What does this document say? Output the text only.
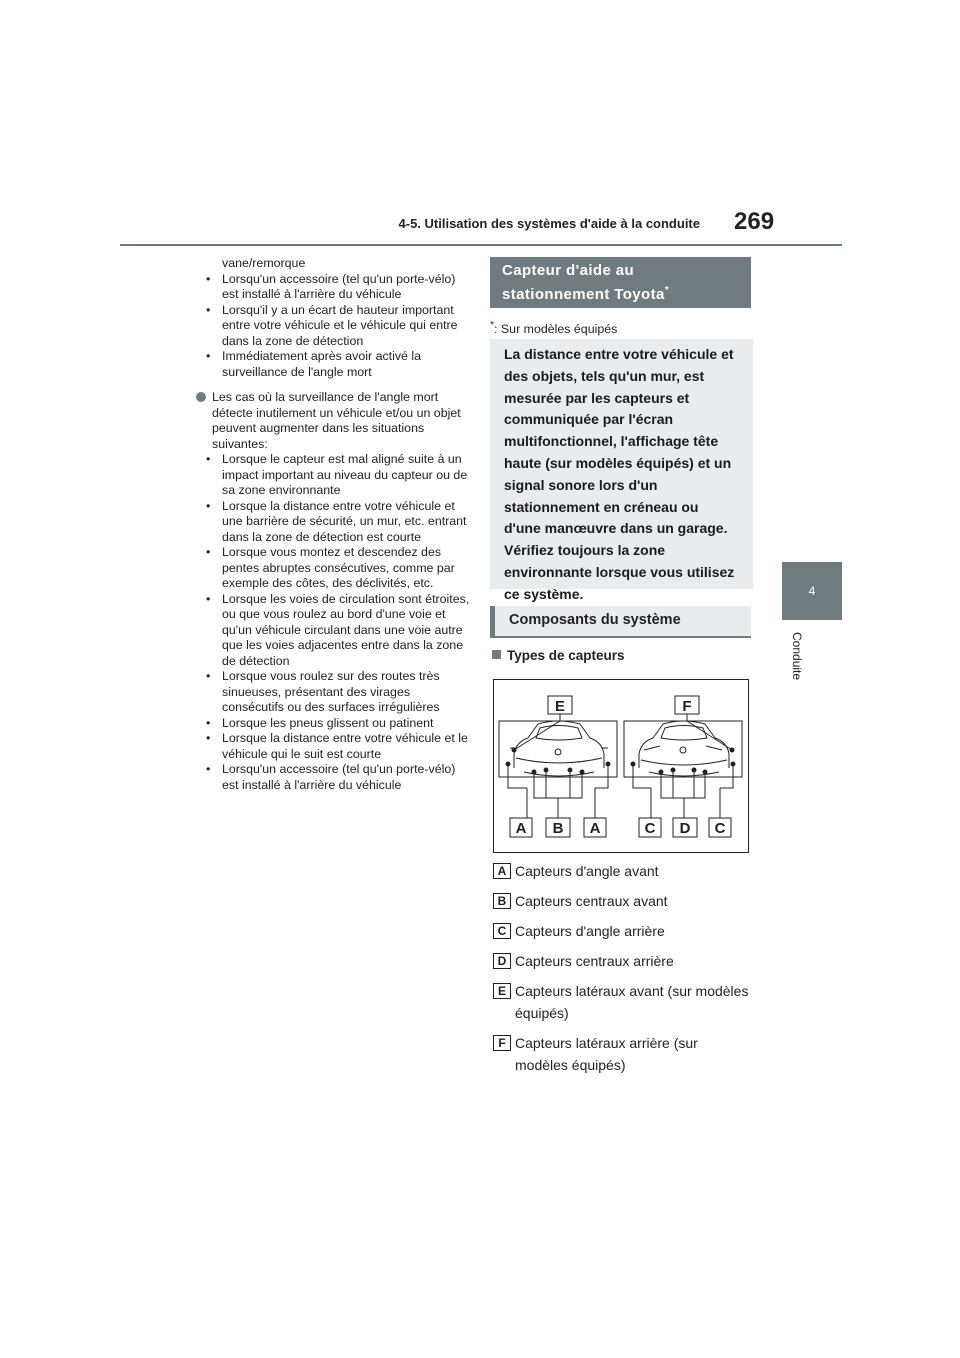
4-5. Utilisation des systèmes d'aide à la conduite 269
4
Conduite
vane/remorque
• Lorsqu'un accessoire (tel qu'un porte-vélo) est installé à l'arrière du véhicule
• Lorsqu'il y a un écart de hauteur important entre votre véhicule et le véhicule qui entre dans la zone de détection
• Immédiatement après avoir activé la surveillance de l'angle mort
Les cas où la surveillance de l'angle mort détecte inutilement un véhicule et/ou un objet peuvent augmenter dans les situations suivantes:
• Lorsque le capteur est mal aligné suite à un impact important au niveau du capteur ou de sa zone environnante
• Lorsque la distance entre votre véhicule et une barrière de sécurité, un mur, etc. entrant dans la zone de détection est courte
• Lorsque vous montez et descendez des pentes abruptes consécutives, comme par exemple des côtes, des déclivités, etc.
• Lorsque les voies de circulation sont étroites, ou que vous roulez au bord d'une voie et qu'un véhicule circulant dans une voie autre que les voies adjacentes entre dans la zone de détection
• Lorsque vous roulez sur des routes très sinueuses, présentant des virages consécutifs ou des surfaces irrégulières
• Lorsque les pneus glissent ou patinent
• Lorsque la distance entre votre véhicule et le véhicule qui le suit est courte
• Lorsqu'un accessoire (tel qu'un porte-vélo) est installé à l'arrière du véhicule
Capteur d'aide au stationnement Toyota*
*: Sur modèles équipés
La distance entre votre véhicule et des objets, tels qu'un mur, est mesurée par les capteurs et communiquée par l'écran multifonctionnel, l'affichage tête haute (sur modèles équipés) et un signal sonore lors d'un stationnement en créneau ou d'une manœuvre dans un garage. Vérifiez toujours la zone environnante lorsque vous utilisez ce système.
Composants du système
Types de capteurs
E	F
A B A	C D C
A Capteurs d'angle avant
B Capteurs centraux avant
C Capteurs d'angle arrière
D Capteurs centraux arrière
E Capteurs latéraux avant (sur modèles équipés)
F Capteurs latéraux arrière (sur modèles équipés)
